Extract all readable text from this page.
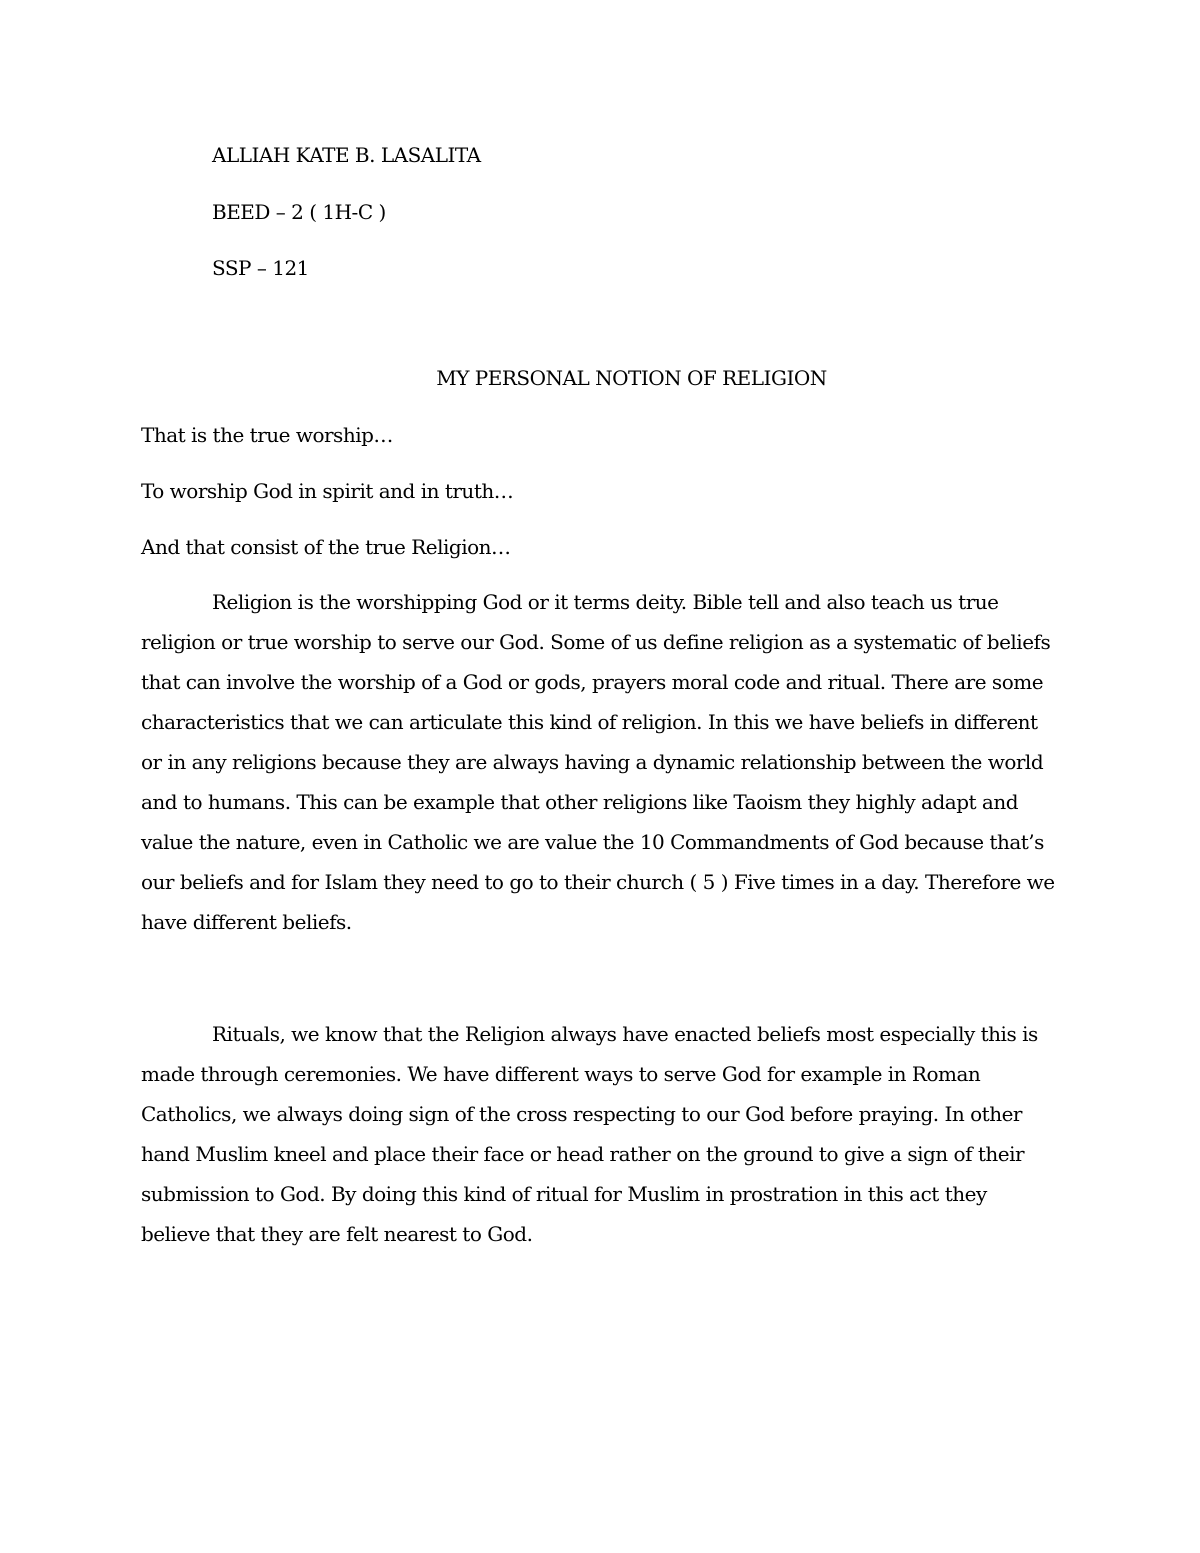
ALLIAH KATE B. LASALITA
BEED – 2 ( 1H-C )
SSP – 121
MY PERSONAL NOTION OF RELIGION
That is the true worship…
To worship God in spirit and in truth…
And that consist of the true Religion…

Religion is the worshipping God or it terms deity. Bible tell and also teach us true religion or true worship to serve our God. Some of us define religion as a systematic of beliefs that can involve the worship of a God or gods, prayers moral code and ritual. There are some characteristics that we can articulate this kind of religion. In this we have beliefs in different or in any religions because they are always having a dynamic relationship between the world and to humans. This can be example that other religions like Taoism they highly adapt and value the nature, even in Catholic we are value the 10 Commandments of God because that’s our beliefs and for Islam they need to go to their church ( 5 ) Five times in a day. Therefore we have different beliefs.

Rituals, we know that the Religion always have enacted beliefs most especially this is made through ceremonies. We have different ways to serve God for example in Roman Catholics, we always doing sign of the cross respecting to our God before praying. In other hand Muslim kneel and place their face or head rather on the ground to give a sign of their submission to God. By doing this kind of ritual for Muslim in prostration in this act they believe that they are felt nearest to God.
